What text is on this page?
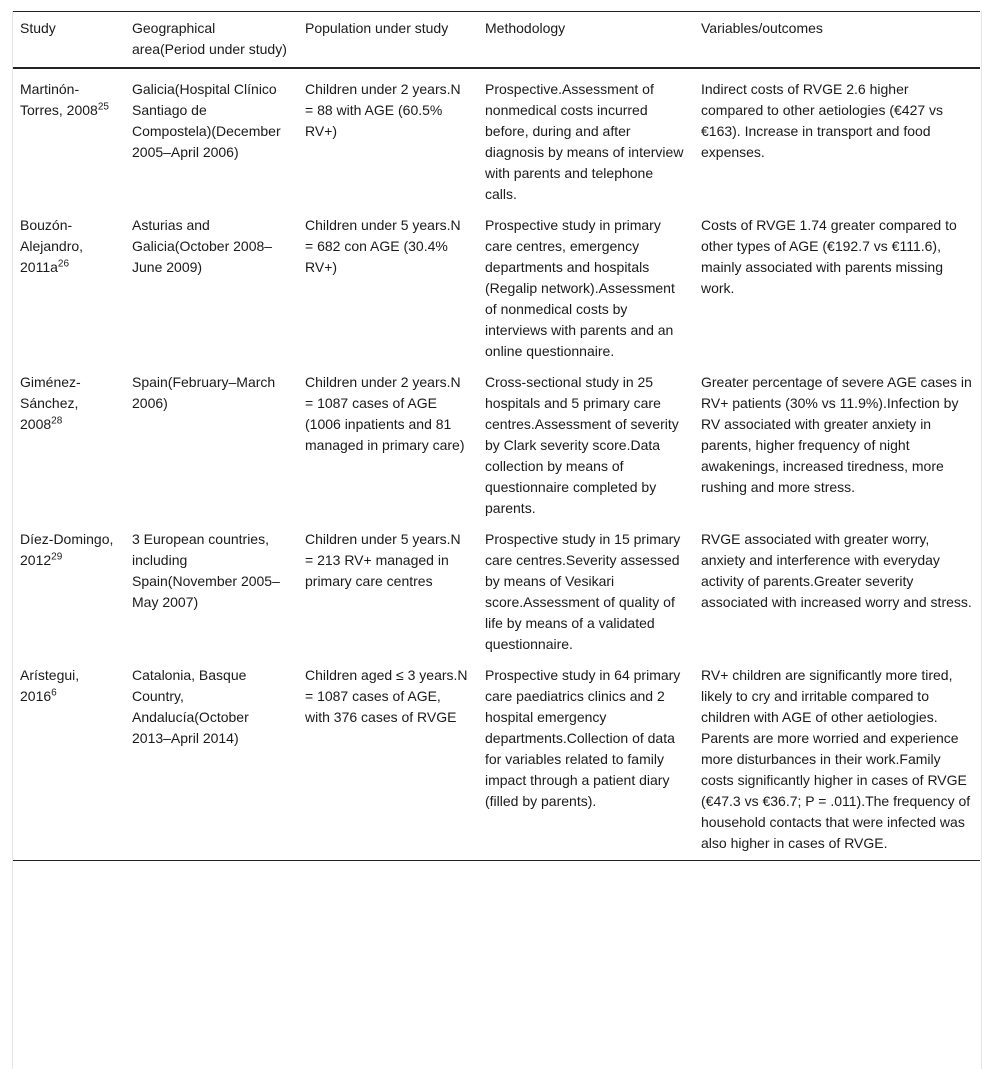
Study	Geographical area(Period under study)	Population under study	Methodology	Variables/outcomes
Martinón-Torres, 2008$^{25}$	Galicia(Hospital Clínico Santiago de Compostela)(December 2005–April 2006)	Children under 2 years.N = 88 with AGE (60.5% RV+)	Prospective.Assessment of nonmedical costs incurred before, during and after diagnosis by means of interview with parents and telephone calls.	Indirect costs of RVGE 2.6 higher compared to other aetiologies (€427 vs €163). Increase in transport and food expenses.
Bouzón-Alejandro, $2011a^{26}$	Asturias and Galicia(October 2008–June 2009)	Children under 5 years.N = 682 con AGE (30.4% RV+)	Prospective study in primary care centres, emergency departments and hospitals (Regalip network).Assessment of nonmedical costs by interviews with parents and an online questionnaire.	Costs of RVGE 1.74 greater compared to other types of AGE (€192.7 vs €111.6), mainly associated with parents missing work.
Giménez-Sánchez, 2008$^{28}$	Spain(February–March 2006)	Children under 2 years.N = 1087 cases of AGE (1006 inpatients and 81 managed in primary care)	Cross-sectional study in 25 hospitals and 5 primary care centres.Assessment of severity by Clark severity score.Data collection by means of questionnaire completed by parents.	Greater percentage of severe AGE cases in RV+ patients (30% vs 11.9%).Infection by RV associated with greater anxiety in parents, higher frequency of night awakenings, increased tiredness, more rushing and more stress.
Díez-Domingo, 2012$^{29}$	3 European countries, including Spain(November 2005–May 2007)	Children under 5 years.N = 213 RV+ managed in primary care centres	Prospective study in 15 primary care centres.Severity assessed by means of Vesikari score.Assessment of quality of life by means of a validated questionnaire.	RVGE associated with greater worry, anxiety and interference with everyday activity of parents.Greater severity associated with increased worry and stress.
Arístegui, 2016$^6$	Catalonia, Basque Country, Andalucía(October 2013–April 2014)	Children aged ≤ 3 years.N = 1087 cases of AGE, with 376 cases of RVGE	Prospective study in 64 primary care paediatrics clinics and 2 hospital emergency departments.Collection of data for variables related to family impact through a patient diary (filled by parents).	RV+ children are significantly more tired, likely to cry and irritable compared to children with AGE of other aetiologies. Parents are more worried and experience more disturbances in their work.Family costs significantly higher in cases of RVGE (€47.3 vs €36.7; P = .011).The frequency of household contacts that were infected was also higher in cases of RVGE.
